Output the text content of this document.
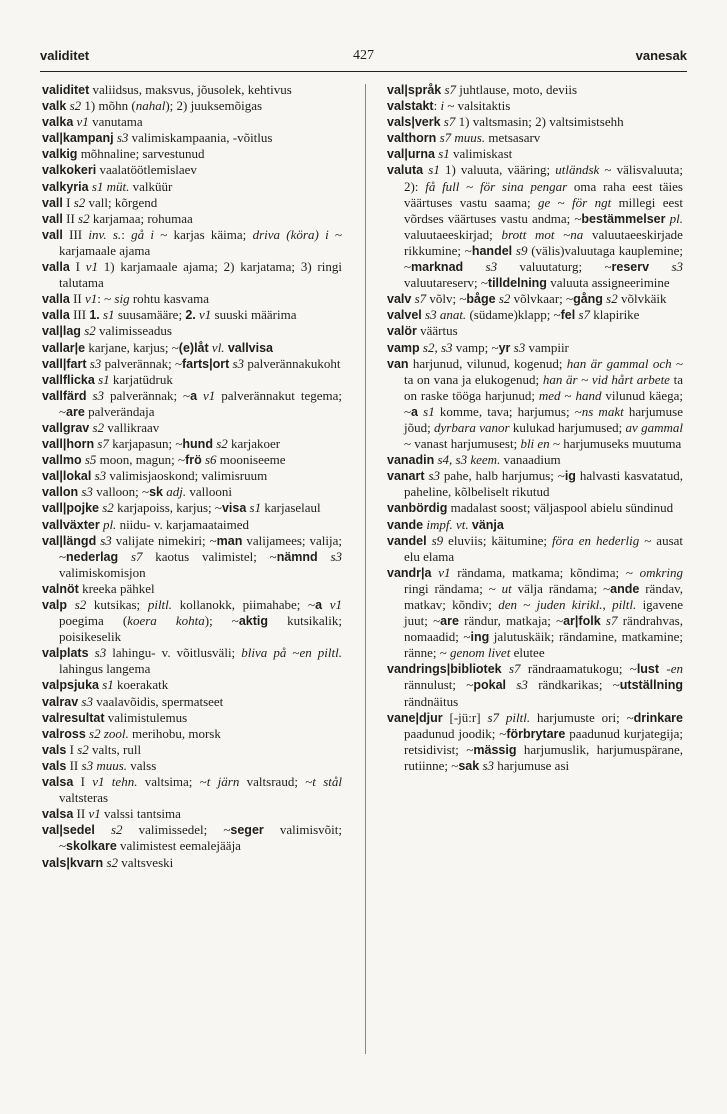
validitet	427	vanesak
validitet valiidsus, maksvus, jõusolek, kehtivus
valk s2 1) mõhn (nahal); 2) juuksemõigas
valka v1 vanutama
val|kampanj s3 valimiskampaania, -võitlus
valkig mõhnaline; sarvestunud
valkokeri vaalatöötlemislaev
valkyria s1 müt. valküür
vall I s2 vall; kõrgend
vall II s2 karjamaa; rohumaa
vall III inv. s.: gå i ~ karjas käima; driva (köra) i ~ karjamaale ajama
valla I v1 1) karjamaale ajama; 2) karjatama; 3) ringi talutama
valla II v1: ~ sig rohtu kasvama
valla III 1. s1 suusamääre; 2. v1 suuski määrima
val|lag s2 valimisseadus
vallar|e karjane, karjus; ~(e)låt vl. vallvisa
vall|fart s3 palverännak; ~farts|ort s3 palverännakukoht
vallflicka s1 karjatüdruk
vallfärd s3 palverännak; ~a v1 palverännakut tegema; ~are palverändaja
vallgrav s2 vallikraav
vall|horn s7 karjapasun; ~hund s2 karjakoer
vallmo s5 moon, magun; ~frö s6 mooniseeme
val|lokal s3 valimisjaoskond; valimisruum
vallon s3 valloon; ~sk adj. vallooni
vall|pojke s2 karjapoiss, karjus; ~visa s1 karjaselaul
vallväxter pl. niidu- v. karjamaataimed
val|längd s3 valijate nimekiri; ~man valijamees; valija; ~nederlag s7 kaotus valimistel; ~nämnd s3 valimiskomisjon
valnöt kreeka pähkel
valp s2 kutsikas; piltl. kollanokk, piimahabe; ~a v1 poegima (koera kohta); ~aktig kutsikalik; poisikeselik
valplats s3 lahingu- v. võitlusväli; bliva på ~en piltl. lahingus langema
valpsjuka s1 koerakatk
valrav s3 vaalavõidis, spermatseet
valresultat valimistulemus
valross s2 zool. merihobu, morsk
vals I s2 valts, rull
vals II s3 muus. valss
valsa I v1 tehn. valtsima; ~t järn valtsraud; ~t stål valtsteras
valsa II v1 valssi tantsima
val|sedel s2 valimissedel; ~seger valimisvõit; ~skolkare valimistest eemalejääja
vals|kvarn s2 valtsveski
val|språk s7 juhtlause, moto, deviis
valstakt: i ~ valsitaktis
vals|verk s7 1) valtsmasin; 2) valtsimistsehh
valthorn s7 muus. metsasarv
val|urna s1 valimiskast
valuta s1 1) valuuta, vääring; utländsk ~ välisvaluuta; 2): få full ~ för sina pengar oma raha eest täies väärtuses vastu saama; ge ~ för ngt millegi eest võrdses väärtuses vastu andma; ~bestämmelser pl. valuutaeeskirjad; brott mot ~na valuutaeeskirjade rikkumine; ~handel s9 (välis)valuutaga kauplemine; ~marknad s3 valuutaturg; ~reserv s3 valuutareserv; ~tilldelning valuuta assigneerimine
valv s7 võlv; ~båge s2 võlvkaar; ~gång s2 võlvkäik
valvel s3 anat. (südame)klapp; ~fel s7 klapirike
valör väärtus
vamp s2, s3 vamp; ~yr s3 vampiir
van harjunud, vilunud, kogenud; han är gammal och ~ ta on vana ja elukogenud; han är ~ vid hårt arbete ta on raske tööga harjunud; med ~ hand vilunud käega; ~a s1 komme, tava; harjumus; ~ns makt harjumuse jõud; dyrbara vanor kulukad harjumused; av gammal ~ vanast harjumusest; bli en ~ harjumuseks muutuma
vanadin s4, s3 keem. vanaadium
vanart s3 pahe, halb harjumus; ~ig halvasti kasvatatud, paheline, kõlbeliselt rikutud
vanbördig madalast soost; väljaspool abielu sündinud
vande impf. vt. vänja
vandel s9 eluviis; käitumine; föra en hederlig ~ ausat elu elama
vandr|a v1 rändama, matkama; kõndima; ~ omkring ringi rändama; ~ ut välja rändama; ~ande rändav, matkav; kõndiv; den ~ juden kirikl., piltl. igavene juut; ~are rändur, matkaja; ~ar|folk s7 rändrahvas, nomaadid; ~ing jalutuskäik; rändamine, matkamine; ränne; ~ genom livet elutee
vandrings|bibliotek s7 rändraamatukogu; ~lust -en rännulust; ~pokal s3 rändkarikas; ~utställning rändnäitus
vane|djur [-jü:r] s7 piltl. harjumuste ori; ~drinkare paadunud joodik; ~förbrytare paadunud kurjategija; retsidivist; ~mässig harjumuslik, harjumuspärane, rutiinne; ~sak s3 harjumuse asi
